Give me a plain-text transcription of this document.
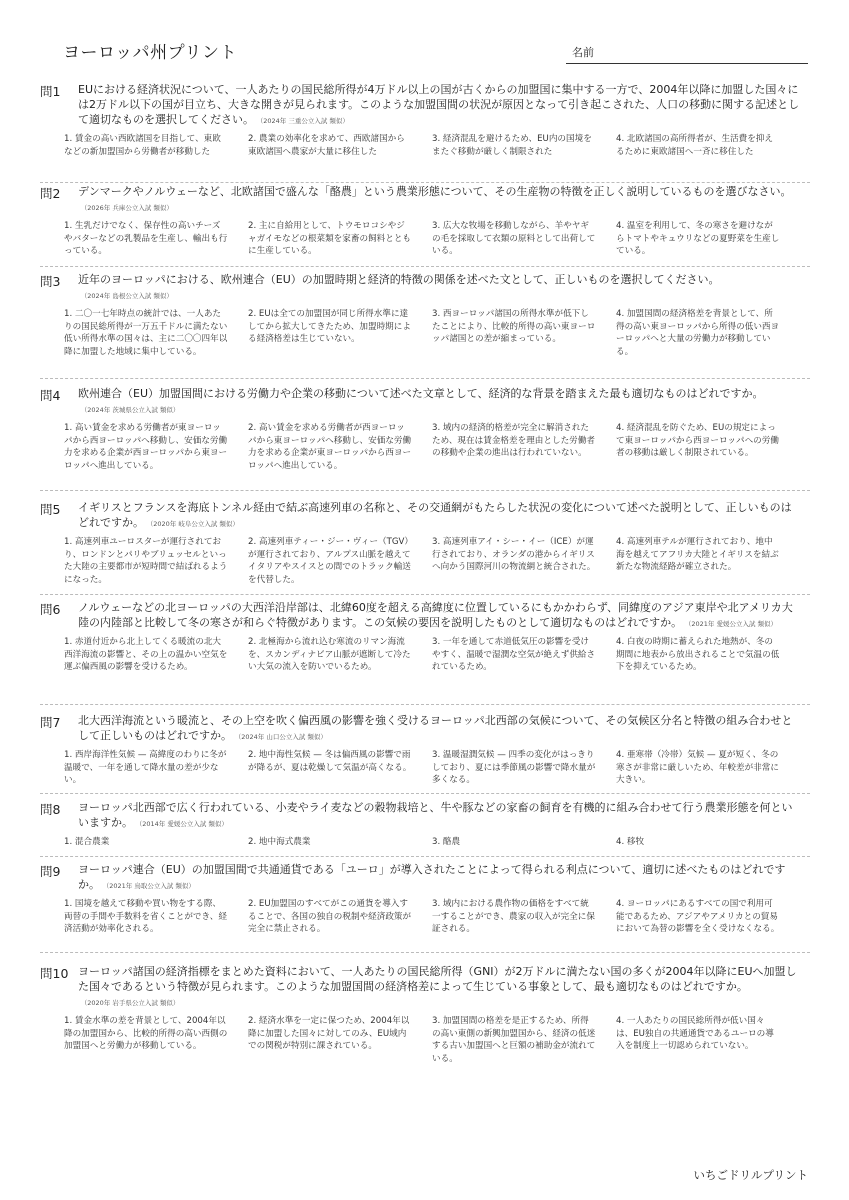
ヨーロッパ州プリント	名前
問1 EUにおける経済状況について、一人あたりの国民総所得が4万ドル以上の国が古くからの加盟国に集中する一方で、2004年以降に加盟した国々には2万ドル以下の国が目立ち、大きな開きが見られます。このような加盟国間の状況が原因となって引き起こされた、人口の移動に関する記述として適切なものを選択してください。 （2024年 三重公立入試 類似）
1. 賃金の高い西欧諸国を目指して、東欧などの新加盟国から労働者が移動した
2. 農業の効率化を求めて、西欧諸国から東欧諸国へ農家が大量に移住した
3. 経済混乱を避けるため、EU内の国境をまたぐ移動が厳しく制限された
4. 北欧諸国の高所得者が、生活費を抑えるために東欧諸国へ一斉に移住した
問2 デンマークやノルウェーなど、北欧諸国で盛んな「酪農」という農業形態について、その生産物の特徴を正しく説明しているものを選びなさい。（2026年 兵庫公立入試 類似）
1. 生乳だけでなく、保存性の高いチーズやバターなどの乳製品を生産し、輸出も行っている。
2. 主に自給用として、トウモロコシやジャガイモなどの根菜類を家畜の飼料とともに生産している。
3. 広大な牧場を移動しながら、羊やヤギの毛を採取して衣類の原料として出荷している。
4. 温室を利用して、冬の寒さを避けながらトマトやキュウリなどの夏野菜を生産している。
問3 近年のヨーロッパにおける、欧州連合（EU）の加盟時期と経済的特徴の関係を述べた文として、正しいものを選択してください。（2024年 島根公立入試 類似）
1. 二〇一七年時点の統計では、一人あたりの国民総所得が一万五千ドルに満たない低い所得水準の国々は、主に二〇〇四年以降に加盟した地域に集中している。
2. EUは全ての加盟国が同じ所得水準に達してから拡大してきたため、加盟時期による経済格差は生じていない。
3. 西ヨーロッパ諸国の所得水準が低下したことにより、比較的所得の高い東ヨーロッパ諸国との差が縮まっている。
4. 加盟国間の経済格差を背景として、所得の高い東ヨーロッパから所得の低い西ヨーロッパへと大量の労働力が移動している。
問4 欧州連合（EU）加盟国間における労働力や企業の移動について述べた文章として、経済的な背景を踏まえた最も適切なものはどれですか。（2024年 茨城県公立入試 類似）
1. 高い賃金を求める労働者が東ヨーロッパから西ヨーロッパへ移動し、安価な労働力を求める企業が西ヨーロッパから東ヨーロッパへ進出している。
2. 高い賃金を求める労働者が西ヨーロッパから東ヨーロッパへ移動し、安価な労働力を求める企業が東ヨーロッパから西ヨーロッパへ進出している。
3. 域内の経済的格差が完全に解消されたため、現在は賃金格差を理由とした労働者の移動や企業の進出は行われていない。
4. 経済混乱を防ぐため、EUの規定によって東ヨーロッパから西ヨーロッパへの労働者の移動は厳しく制限されている。
問5 イギリスとフランスを海底トンネル経由で結ぶ高速列車の名称と、その交通網がもたらした状況の変化について述べた説明として、正しいものはどれですか。 （2020年 岐阜公立入試 類似）
1. 高速列車ユーロスターが運行されており、ロンドンとパリやブリュッセルといった大陸の主要都市が短時間で結ばれるようになった。
2. 高速列車ティー・ジー・ヴィー（TGV）が運行されており、アルプス山脈を越えてイタリアやスイスとの間でのトラック輸送を代替した。
3. 高速列車アイ・シー・イー（ICE）が運行されており、オランダの港からイギリスへ向かう国際河川の物流網と統合された。
4. 高速列車テルが運行されており、地中海を越えてアフリカ大陸とイギリスを結ぶ新たな物流経路が確立された。
問6 ノルウェーなどの北ヨーロッパの大西洋沿岸部は、北緯60度を超える高緯度に位置しているにもかかわらず、同緯度のアジア東岸や北アメリカ大陸の内陸部と比較して冬の寒さが和らぐ特徴があります。この気候の要因を説明したものとして適切なものはどれですか。 （2021年 愛媛公立入試 類似）
1. 赤道付近から北上してくる暖流の北大西洋海流の影響と、その上の温かい空気を運ぶ偏西風の影響を受けるため。
2. 北極海から流れ込む寒流のリマン海流を、スカンディナビア山脈が遮断して冷たい大気の流入を防いでいるため。
3. 一年を通して赤道低気圧の影響を受けやすく、温暖で湿潤な空気が絶えず供給されているため。
4. 白夜の時期に蓄えられた地熱が、冬の期間に地表から放出されることで気温の低下を抑えているため。
問7 北大西洋海流という暖流と、その上空を吹く偏西風の影響を強く受けるヨーロッパ北西部の気候について、その気候区分名と特徴の組み合わせとして正しいものはどれですか。 （2024年 山口公立入試 類似）
1. 西岸海洋性気候 — 高緯度のわりに冬が温暖で、一年を通して降水量の差が少ない。
2. 地中海性気候 — 冬は偏西風の影響で雨が降るが、夏は乾燥して気温が高くなる。
3. 温暖湿潤気候 — 四季の変化がはっきりしており、夏には季節風の影響で降水量が多くなる。
4. 亜寒帯（冷帯）気候 — 夏が短く、冬の寒さが非常に厳しいため、年較差が非常に大きい。
問8 ヨーロッパ北西部で広く行われている、小麦やライ麦などの穀物栽培と、牛や豚などの家畜の飼育を有機的に組み合わせて行う農業形態を何といいますか。 （2014年 愛媛公立入試 類似）
1. 混合農業	2. 地中海式農業	3. 酪農	4. 移牧
問9 ヨーロッパ連合（EU）の加盟国間で共通通貨である「ユーロ」が導入されたことによって得られる利点について、適切に述べたものはどれですか。 （2021年 鳥取公立入試 類似）
1. 国境を越えて移動や買い物をする際、両替の手間や手数料を省くことができ、経済活動が効率化される。
2. EU加盟国のすべてがこの通貨を導入することで、各国の独自の税制や経済政策が完全に禁止される。
3. 域内における農作物の価格をすべて統一することができ、農家の収入が完全に保証される。
4. ヨーロッパにあるすべての国で利用可能であるため、アジアやアメリカとの貿易において為替の影響を全く受けなくなる。
問10 ヨーロッパ諸国の経済指標をまとめた資料において、一人あたりの国民総所得（GNI）が2万ドルに満たない国の多くが2004年以降にEUへ加盟した国々であるという特徴が見られます。このような加盟国間の経済格差によって生じている事象として、最も適切なものはどれですか。（2020年 岩手県公立入試 類似）
1. 賃金水準の差を背景として、2004年以降の加盟国から、比較的所得の高い西側の加盟国へと労働力が移動している。
2. 経済水準を一定に保つため、2004年以降に加盟した国々に対してのみ、EU域内での関税が特別に課されている。
3. 加盟国間の格差を是正するため、所得の高い東側の新興加盟国から、経済の低迷する古い加盟国へと巨額の補助金が流れている。
4. 一人あたりの国民総所得が低い国々は、EU独自の共通通貨であるユーロの導入を制度上一切認められていない。
いちごドリルプリント
